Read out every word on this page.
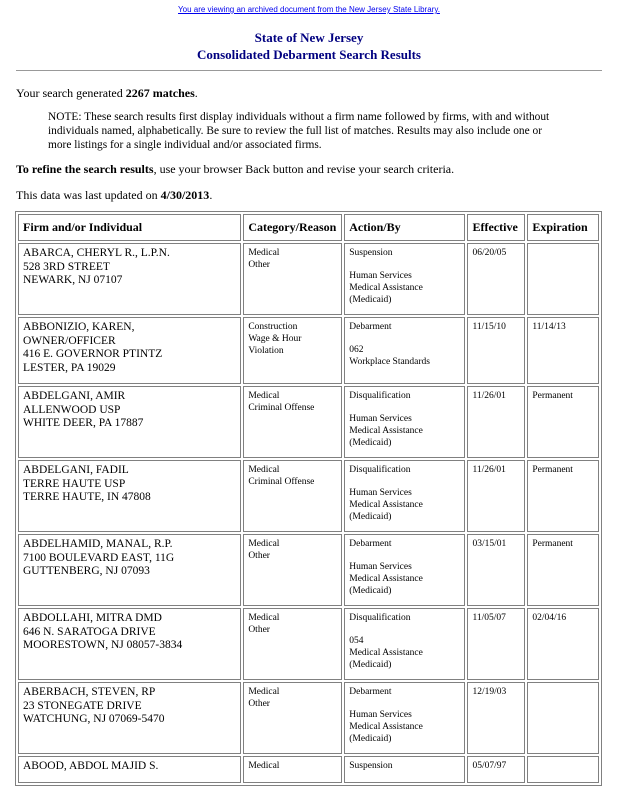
You are viewing an archived document from the New Jersey State Library.
State of New Jersey
Consolidated Debarment Search Results
Your search generated 2267 matches.
NOTE: These search results first display individuals without a firm name followed by firms, with and without individuals named, alphabetically. Be sure to review the full list of matches. Results may also include one or more listings for a single individual and/or associated firms.
To refine the search results, use your browser Back button and revise your search criteria.
This data was last updated on 4/30/2013.
Firm and/or Individual	Category/Reason	Action/By	Effective	Expiration

ABARCA, CHERYL R., L.P.N.
528 3RD STREET
NEWARK, NJ 07107	Medical
Other	Suspension
Human Services
Medical Assistance
(Medicaid)	06/20/05	

ABBONIZIO, KAREN,
OWNER/OFFICER
416 E. GOVERNOR PTINTZ
LESTER, PA 19029	Construction
Wage & Hour
Violation	Debarment
062
Workplace Standards	11/15/10	11/14/13

ABDELGANI, AMIR
ALLENWOOD USP
WHITE DEER, PA 17887	Medical
Criminal Offense	Disqualification
Human Services
Medical Assistance
(Medicaid)	11/26/01	Permanent

ABDELGANI, FADIL
TERRE HAUTE USP
TERRE HAUTE, IN 47808	Medical
Criminal Offense	Disqualification
Human Services
Medical Assistance
(Medicaid)	11/26/01	Permanent

ABDELHAMID, MANAL, R.P.
7100 BOULEVARD EAST, 11G
GUTTENBERG, NJ 07093	Medical
Other	Debarment
Human Services
Medical Assistance
(Medicaid)	03/15/01	Permanent

ABDOLLAHI, MITRA DMD
646 N. SARATOGA DRIVE
MOORESTOWN, NJ 08057-3834	Medical
Other	Disqualification
054
Medical Assistance
(Medicaid)	11/05/07	02/04/16

ABERBACH, STEVEN, RP
23 STONEGATE DRIVE
WATCHUNG, NJ 07069-5470	Medical
Other	Debarment
Human Services
Medical Assistance
(Medicaid)	12/19/03	

ABOOD, ABDOL MAJID S.	Medical	Suspension	05/07/97	
